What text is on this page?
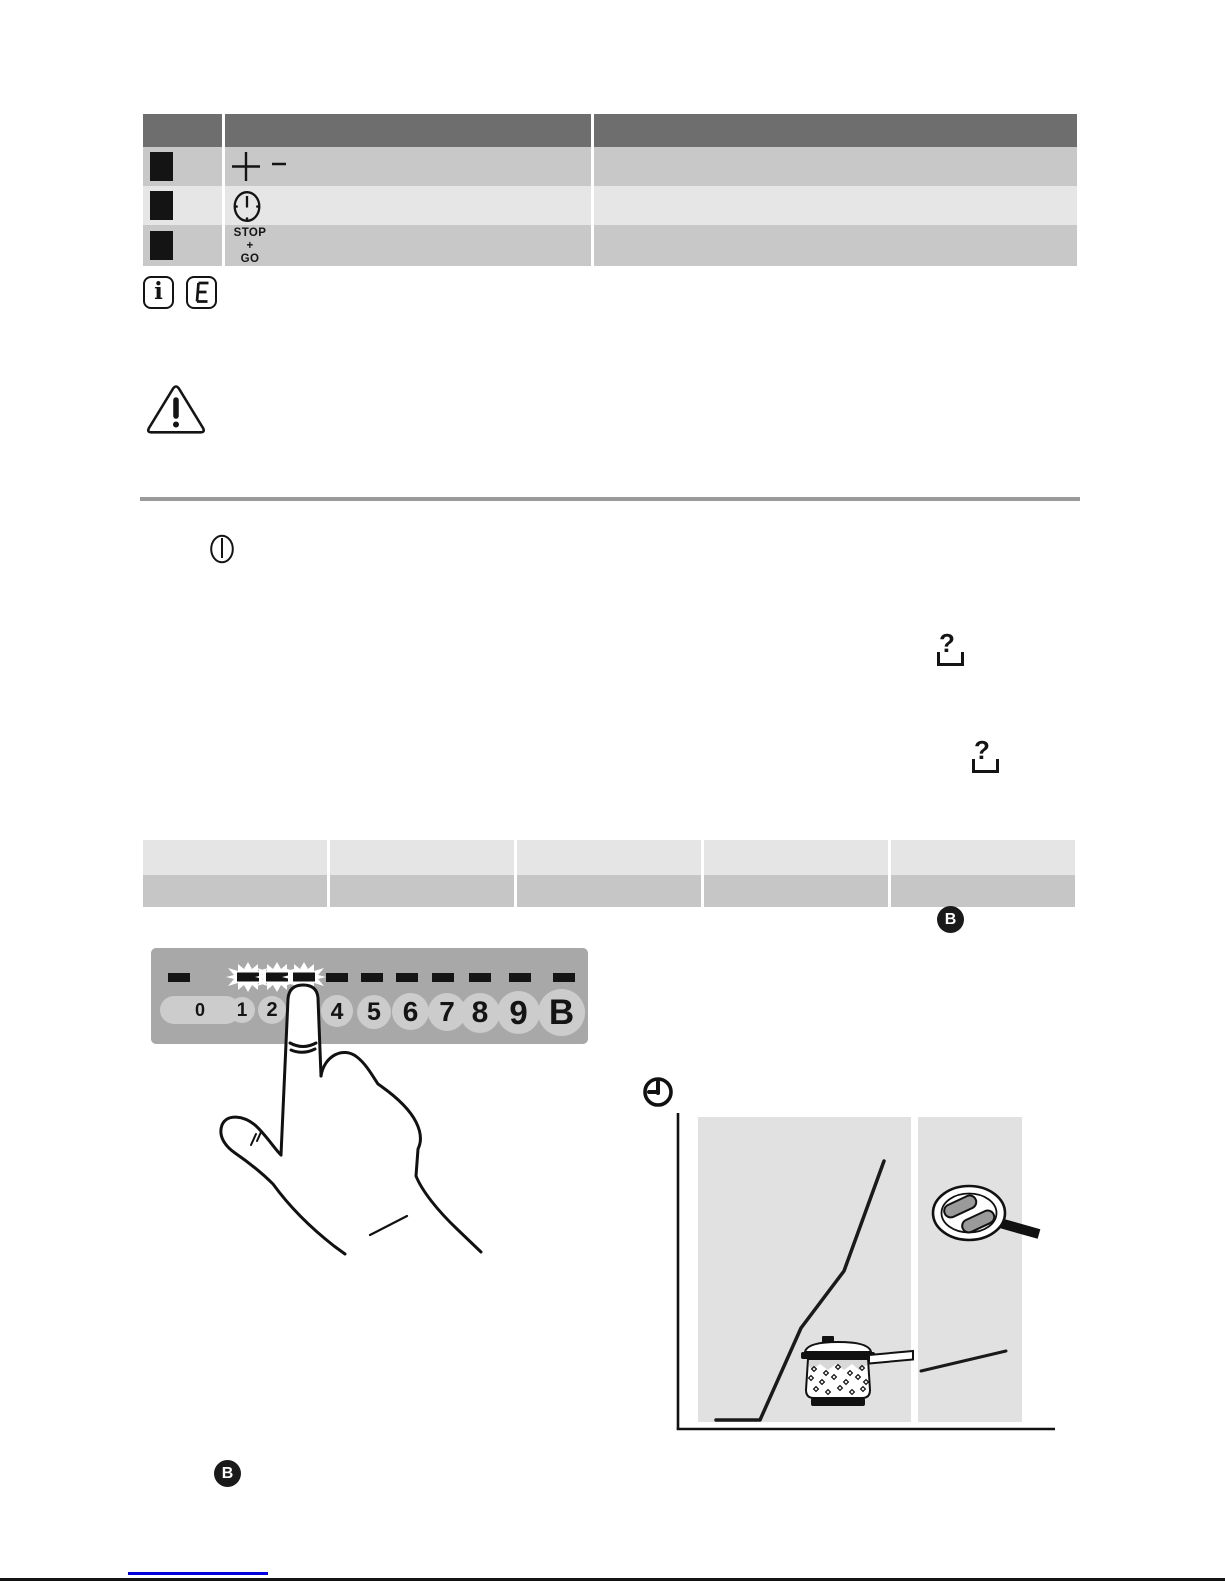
STOP
+
GO
i
?
?
B
0	1 2	4 5 6 7 8 9 B
B
